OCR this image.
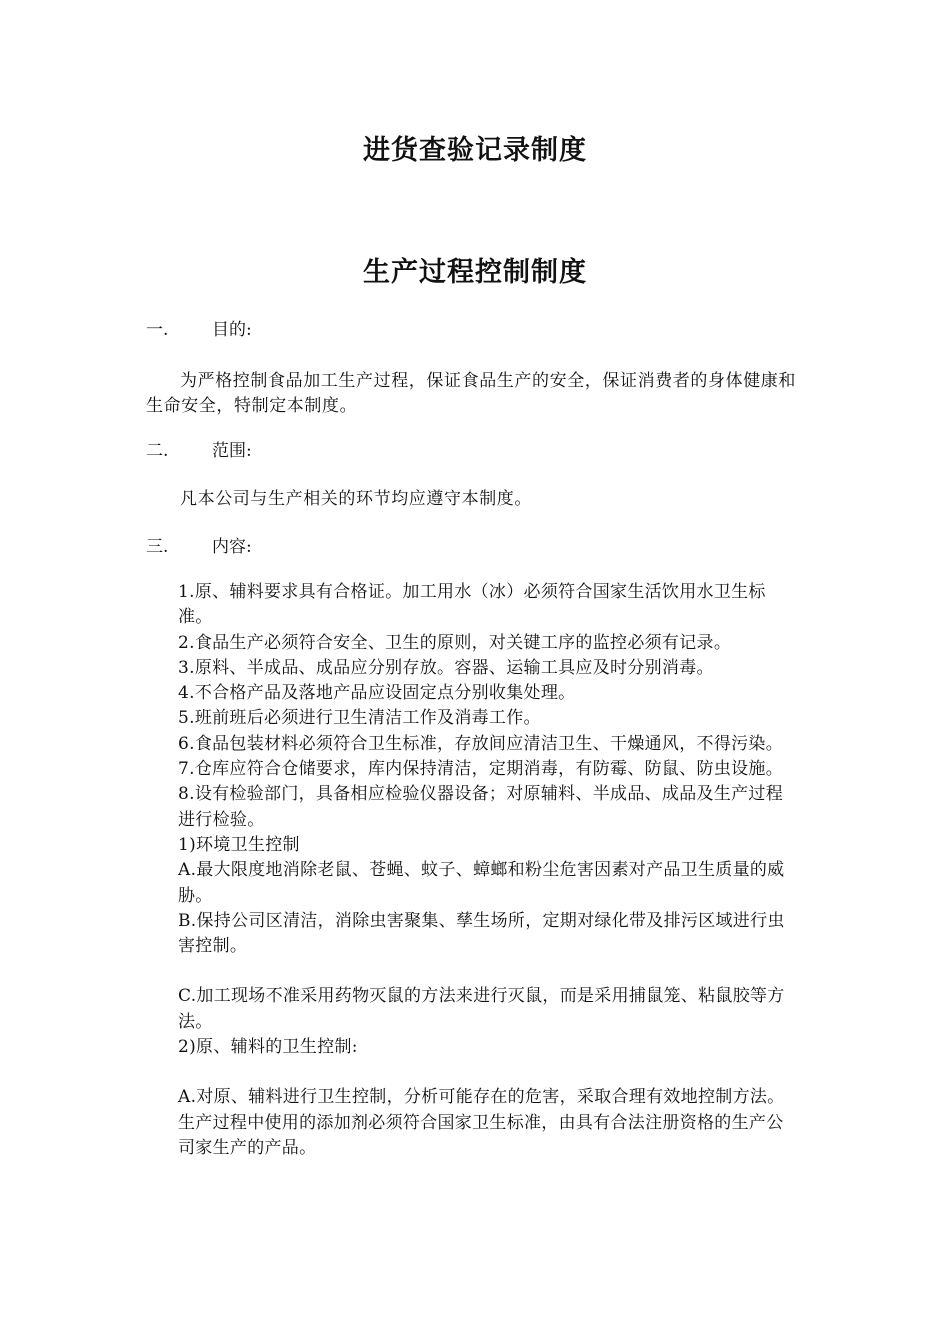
进货查验记录制度
生产过程控制制度
一.	目的:
为严格控制食品加工生产过程，保证食品生产的安全，保证消费者的身体健康和生命安全，特制定本制度。
二.	范围:
凡本公司与生产相关的环节均应遵守本制度。
三.	内容:

1.原、辅料要求具有合格证。加工用水（冰）必须符合国家生活饮用水卫生标准。

2.食品生产必须符合安全、卫生的原则，对关键工序的监控必须有记录。

3.原料、半成品、成品应分别存放。容器、运输工具应及时分别消毒。

4.不合格产品及落地产品应设固定点分别收集处理。

5.班前班后必须进行卫生清洁工作及消毒工作。

6.食品包装材料必须符合卫生标准，存放间应清洁卫生、干燥通风，不得污染。

7.仓库应符合仓储要求，库内保持清洁，定期消毒，有防霉、防鼠、防虫设施。

8.设有检验部门，具备相应检验仪器设备；对原辅料、半成品、成品及生产过程进行检验。

1)环境卫生控制

A.最大限度地消除老鼠、苍蝇、蚊子、蟑螂和粉尘危害因素对产品卫生质量的威胁。

B.保持公司区清洁，消除虫害聚集、孳生场所，定期对绿化带及排污区域进行虫害控制。

C.加工现场不准采用药物灭鼠的方法来进行灭鼠，而是采用捕鼠笼、粘鼠胶等方法。

2)原、辅料的卫生控制:

A.对原、辅料进行卫生控制，分析可能存在的危害，采取合理有效地控制方法。生产过程中使用的添加剂必须符合国家卫生标准，由具有合法注册资格的生产公司家生产的产品。
